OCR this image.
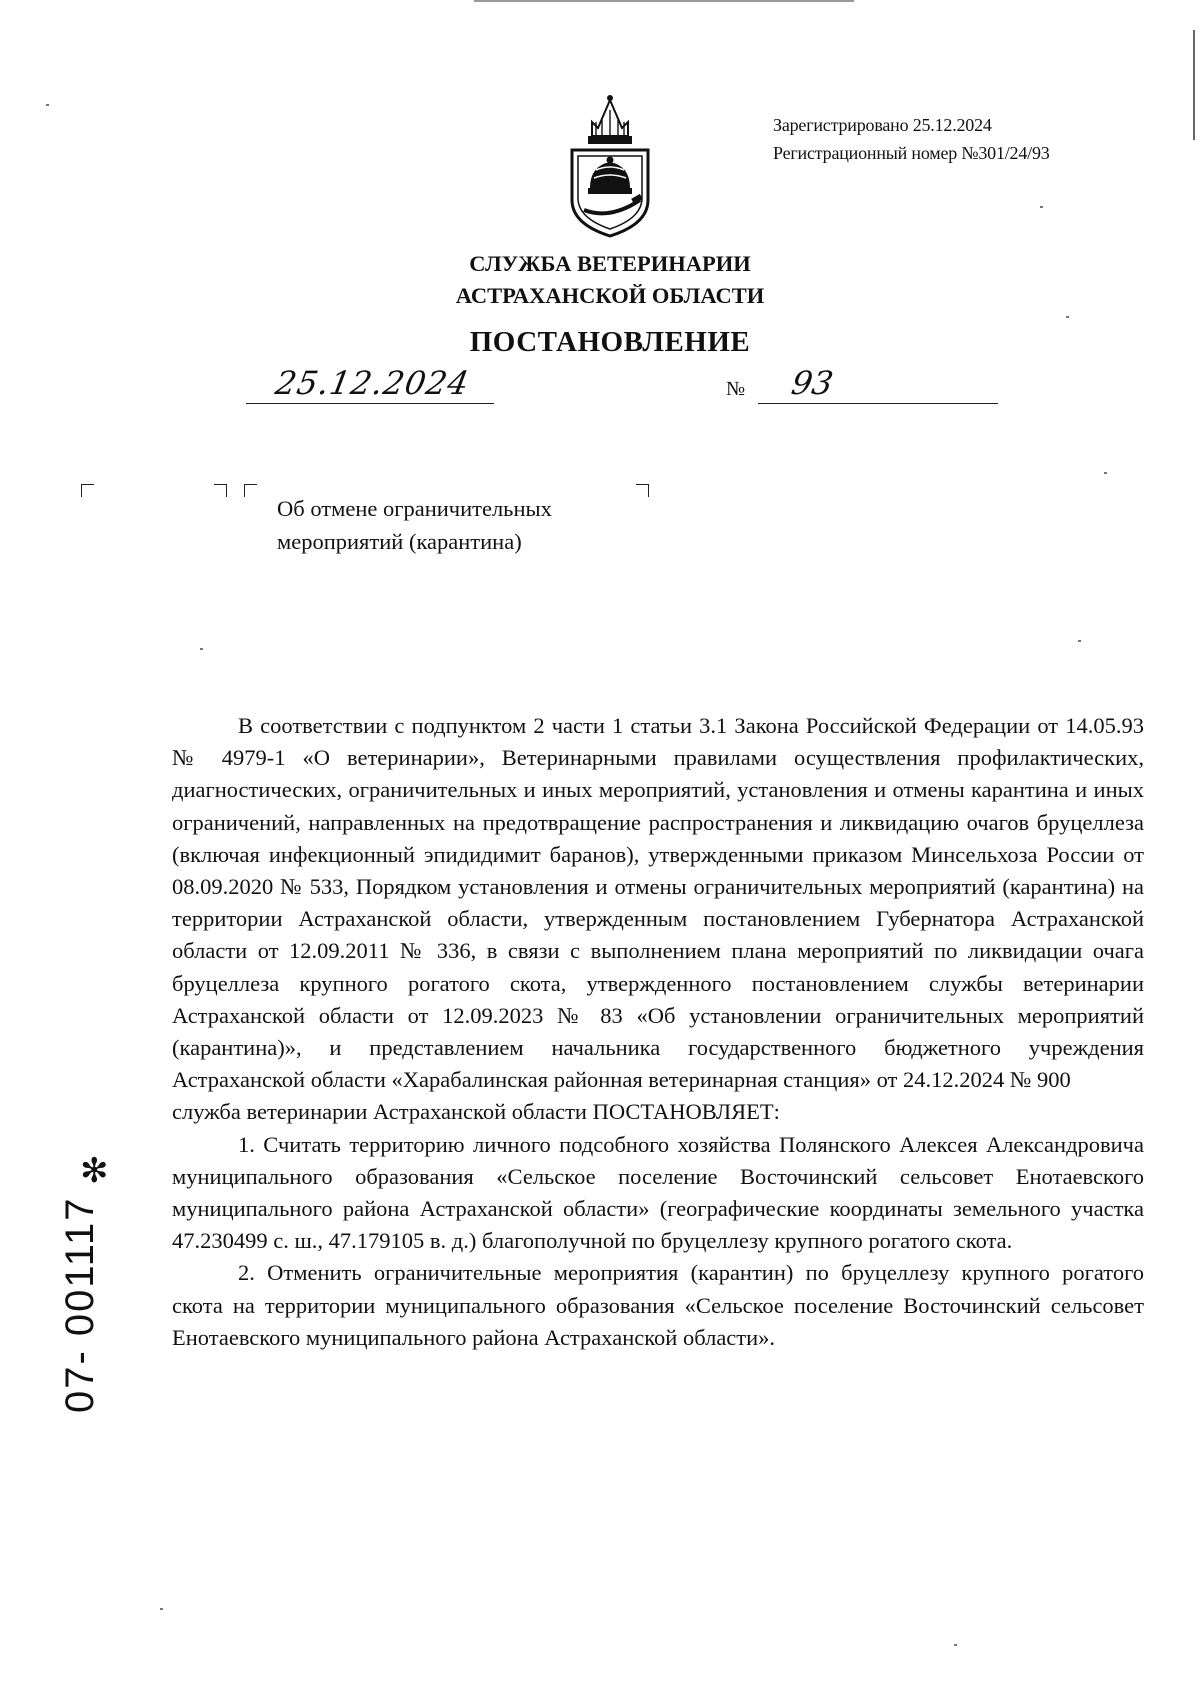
Зарегистрировано 25.12.2024
Регистрационный номер №301/24/93
СЛУЖБА ВЕТЕРИНАРИИ
АСТРАХАНСКОЙ ОБЛАСТИ
ПОСТАНОВЛЕНИЕ
25.12.2024	№ 93
Об отмене ограничительных
мероприятий (карантина)

В соответствии с подпунктом 2 части 1 статьи 3.1 Закона Российской Федерации от 14.05.93 № 4979-1 «О ветеринарии», Ветеринарными правилами осуществления профилактических, диагностических, ограничительных и иных мероприятий, установления и отмены карантина и иных ограничений, направленных на предотвращение распространения и ликвидацию очагов бруцеллеза (включая инфекционный эпидидимит баранов), утвержденными приказом Минсельхоза России от 08.09.2020 № 533, Порядком установления и отмены ограничительных мероприятий (карантина) на территории Астраханской области, утвержденным постановлением Губернатора Астраханской области от 12.09.2011 № 336, в связи с выполнением плана мероприятий по ликвидации очага бруцеллеза крупного рогатого скота, утвержденного постановлением службы ветеринарии Астраханской области от 12.09.2023 № 83 «Об установлении ограничительных мероприятий (карантина)», и представлением начальника государственного бюджетного учреждения Астраханской области «Харабалинская районная ветеринарная станция» от 24.12.2024 № 900

служба ветеринарии Астраханской области ПОСТАНОВЛЯЕТ:

1. Считать территорию личного подсобного хозяйства Полянского Алексея Александровича муниципального образования «Сельское поселение Восточинский сельсовет Енотаевского муниципального района Астраханской области» (географические координаты земельного участка 47.230499 с. ш., 47.179105 в. д.) благополучной по бруцеллезу крупного рогатого скота.

2. Отменить ограничительные мероприятия (карантин) по бруцеллезу крупного рогатого скота на территории муниципального образования «Сельское поселение Восточинский сельсовет Енотаевского муниципального района Астраханской области».

✻
07- 001117
